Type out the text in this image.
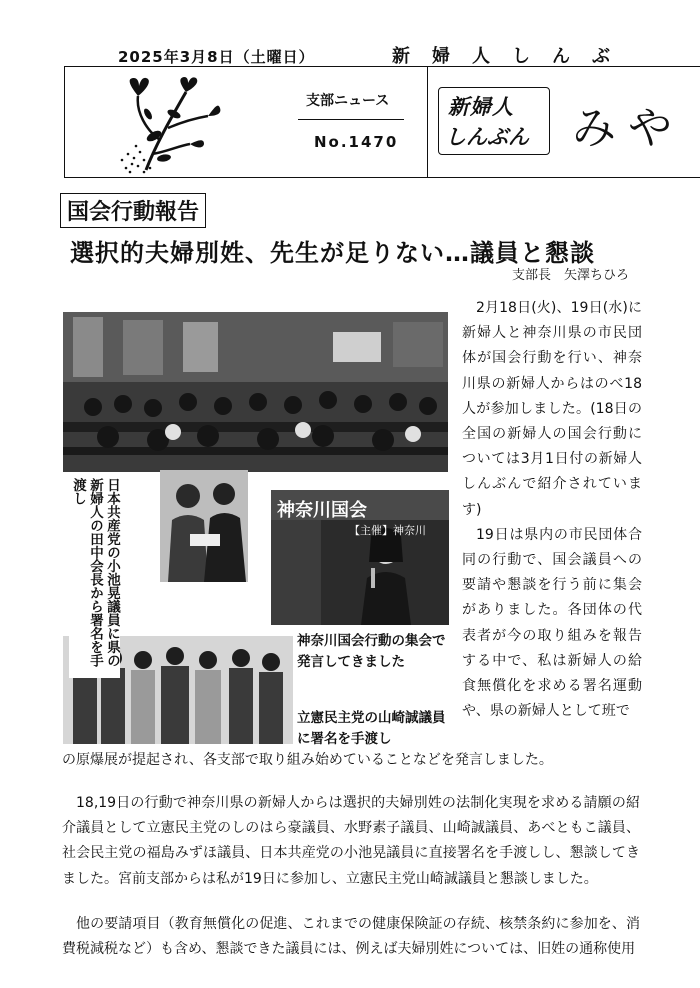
2025年3月8日（土曜日）	新婦人しんぶ
支部ニュース
No.1470
新婦人
しんぶん みや
国会行動報告
選択的夫婦別姓、先生が足りない…議員と懇談
支部長　矢澤ちひろ
神奈川国会
【主催】神奈川
日本共産党の小池晃議員に県の新婦人の田中会長から署名を手渡し
神奈川国会行動の集会で発言してきました
立憲民主党の山崎誠議員に署名を手渡し

2月18日(火)、19日(水)に新婦人と神奈川県の市民団体が国会行動を行い、神奈川県の新婦人からはのべ18人が参加しました。(18日の全国の新婦人の国会行動については3月1日付の新婦人しんぶんで紹介されています)

19日は県内の市民団体合同の行動で、国会議員への要請や懇談を行う前に集会がありました。各団体の代表者が今の取り組みを報告する中で、私は新婦人の給食無償化を求める署名運動や、県の新婦人として班で

の原爆展が提起され、各支部で取り組み始めていることなどを発言しました。
18,19日の行動で神奈川県の新婦人からは選択的夫婦別姓の法制化実現を求める請願の紹介議員として立憲民主党のしのはら豪議員、水野素子議員、山崎誠議員、あべともこ議員、社会民主党の福島みずほ議員、日本共産党の小池晃議員に直接署名を手渡しし、懇談してきました。宮前支部からは私が19日に参加し、立憲民主党山崎誠議員と懇談しました。
他の要請項目（教育無償化の促進、これまでの健康保険証の存続、核禁条約に参加を、消費税減税など）も含め、懇談できた議員には、例えば夫婦別姓については、旧姓の通称使用
